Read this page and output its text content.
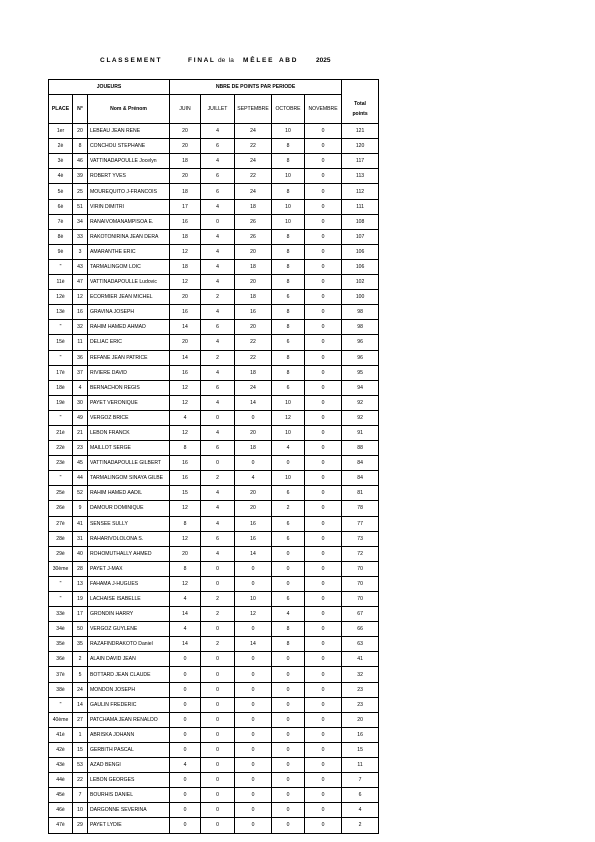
C L A S S E M E N T	F I N A L de  la M Ê L E E A B D	2025
JOUEURS			NBRE DE POINTS PAR PERIODE					
PLACE	N°	Nom & Prénom	JUIN	JUILLET	SEPTEMBRE	OCTOBRE	NOVEMBRE	Total
points

1er	20	LEBEAU JEAN RENE	20	4	24	10	0	121
2è	8	CONCHOU STEPHANE	20	6	22	8	0	120
3è	46	VATTINADAPOULLE Jocelyn	18	4	24	8	0	117
4è	39	ROBERT YVES	20	6	22	10	0	113
5è	25	MOUREQUITO J-FRANCOIS	18	6	24	8	0	112
6è	51	VIRIN DIMITRI	17	4	18	10	0	111
7è	34	RANAIVOMANAMPISOA E.	16	0	26	10	0	108
8è	33	RAKOTONIRINA JEAN DERA	18	4	26	8	0	107
9è	3	AMARANTHE ERIC	12	4	20	8	0	106
"	43	TARMALINGOM LOIC	18	4	18	8	0	106
11è	47	VATTINADAPOULLE Ludovic	12	4	20	8	0	102
12è	12	ECORMIER JEAN MICHEL	20	2	18	6	0	100
13è	16	GRAVINA JOSEPH	16	4	16	8	0	98
"	32	RAHIM HAMED AHMAD	14	6	20	8	0	98
15è	11	DELIAC ERIC	20	4	22	6	0	96
"	36	REFANE JEAN PATRICE	14	2	22	8	0	96
17è	37	RIVIERE DAVID	16	4	18	8	0	95
18è	4	BERNACHON REGIS	12	6	24	6	0	94
19è	30	PAYET VERONIQUE	12	4	14	10	0	92
"	49	VERGOZ BRICE	4	0	0	12	0	92
21è	21	LEBON FRANCK	12	4	20	10	0	91
22è	23	MAILLOT SERGE	8	6	18	4	0	88
23è	45	VATTINADAPOULLE GILBERT	16	0	0	0	0	84
"	44	TARMALINGOM SINAYA GILBE	16	2	4	10	0	84
25è	52	RAHIM HAMED AADIL	15	4	20	6	0	81
26è	9	DAMOUR DOMINIQUE	12	4	20	2	0	78
27è	41	SENSEE SULLY	8	4	16	6	0	77
28è	31	RAHARIVOLOLONA S.	12	6	16	6	0	73
29è	40	ROHOMUTHALLY AHMED	20	4	14	0	0	72
30ème	28	PAYET J-MAX	8	0	0	0	0	70
"	13	FAHAMA J-HUGUES	12	0	0	0	0	70
"	19	LACHAISE ISABELLE	4	2	10	6	0	70
33è	17	GRONDIN HARRY	14	2	12	4	0	67
34è	50	VERGOZ GUYLENE	4	0	0	8	0	66
35è	35	RAZAFINDRAKOTO Daniel	14	2	14	8	0	63
36è	2	ALAIN DAVID JEAN	0	0	0	0	0	41
37è	5	BOTTARD JEAN CLAUDE	0	0	0	0	0	32
38è	24	MONDON JOSEPH	0	0	0	0	0	23
"	14	GAULIN FREDERIC	0	0	0	0	0	23
40ème	27	PATCHAMA JEAN RENALDO	0	0	0	0	0	20
41è	1	ABRISKA JOHANN	0	0	0	0	0	16
42è	15	GERBITH PASCAL	0	0	0	0	0	15
43è	53	AZAD BENGI	4	0	0	0	0	11
44è	22	LEBON GEORGES	0	0	0	0	0	7
45è	7	BOURHIS DANIEL	0	0	0	0	0	6
46è	10	DARGONNE SEVERINA	0	0	0	0	0	4
47è	29	PAYET LYDIE	0	0	0	0	0	2
